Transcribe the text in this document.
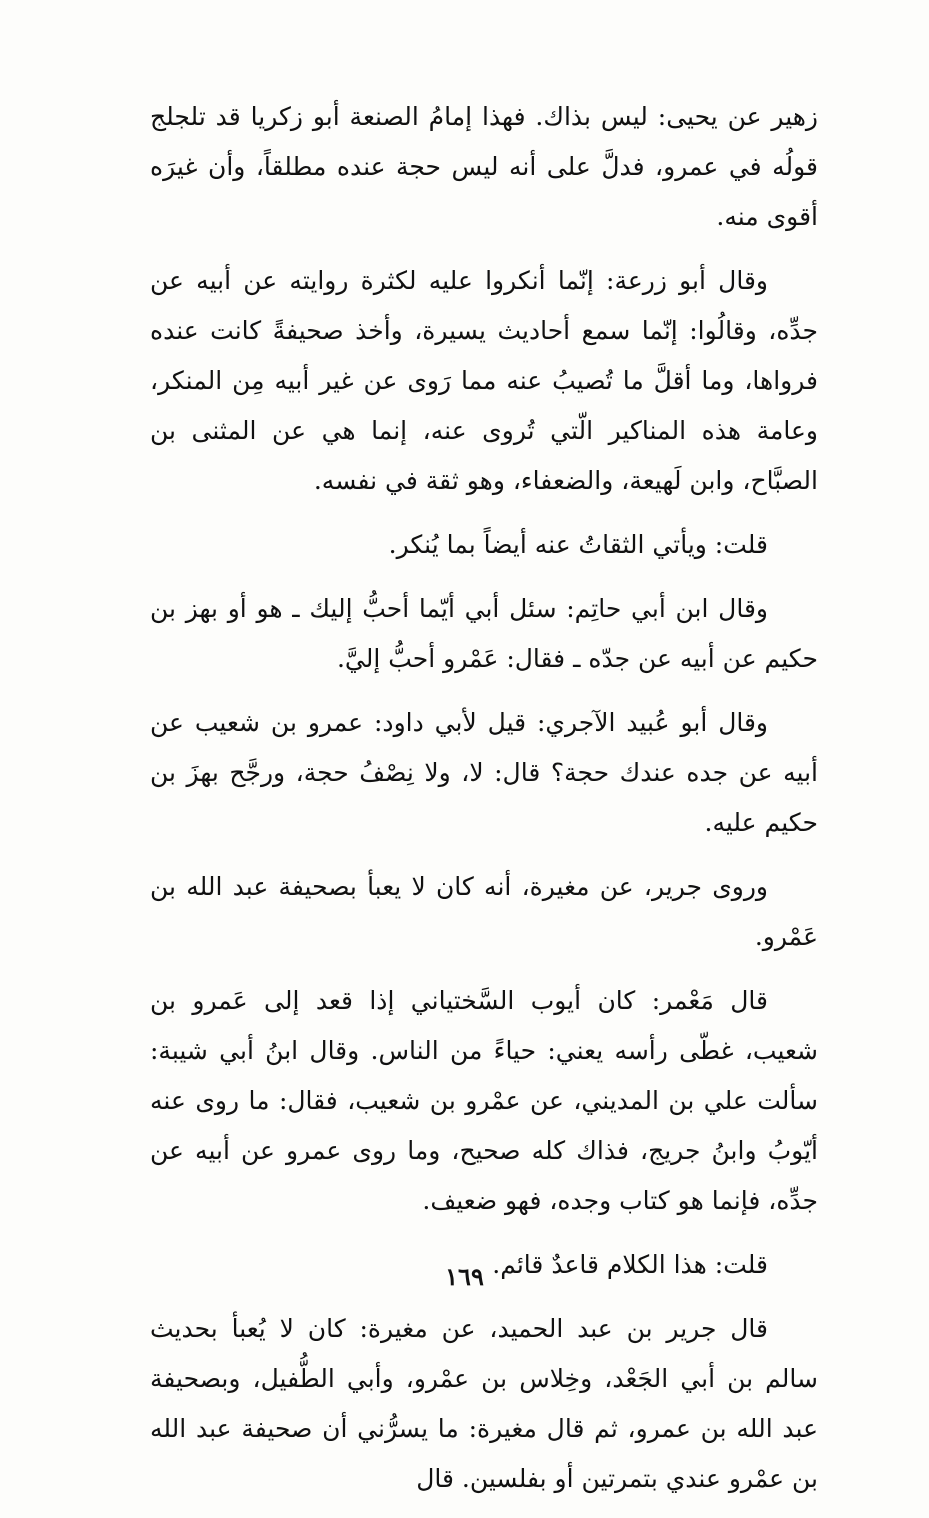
زهير عن يحيى: ليس بذاك. فهذا إمامُ الصنعة أبو زكريا قد تلجلج قولُه في عمرو، فدلَّ على أنه ليس حجة عنده مطلقاً، وأن غيرَه أقوى منه.

وقال أبو زرعة: إنّما أنكروا عليه لكثرة روايته عن أبيه عن جدِّه، وقالُوا: إنّما سمع أحاديث يسيرة، وأخذ صحيفةً كانت عنده فرواها، وما أقلَّ ما تُصيبُ عنه مما رَوى عن غير أبيه مِن المنكر، وعامة هذه المناكير الّتي تُروى عنه، إنما هي عن المثنى بن الصبَّاح، وابن لَهيعة، والضعفاء، وهو ثقة في نفسه.

قلت: ويأتي الثقاتُ عنه أيضاً بما يُنكر.

وقال ابن أبي حاتِم: سئل أبي أيّما أحبُّ إليك ـ هو أو بهز بن حكيم عن أبيه عن جدّه ـ فقال: عَمْرو أحبُّ إليَّ.

وقال أبو عُبيد الآجري: قيل لأبي داود: عمرو بن شعيب عن أبيه عن جده عندك حجة؟ قال: لا، ولا نِصْفُ حجة، ورجَّح بهزَ بن حكيم عليه.

وروى جرير، عن مغيرة، أنه كان لا يعبأ بصحيفة عبد الله بن عَمْرو.

قال مَعْمر: كان أيوب السَّختياني إذا قعد إلى عَمرو بن شعيب، غطّى رأسه يعني: حياءً من الناس. وقال ابنُ أبي شيبة: سألت علي بن المديني، عن عمْرو بن شعيب، فقال: ما روى عنه أيّوبُ وابنُ جريج، فذاك كله صحيح، وما روى عمرو عن أبيه عن جدِّه، فإنما هو كتاب وجده، فهو ضعيف.

قلت: هذا الكلام قاعدٌ قائم.

قال جرير بن عبد الحميد، عن مغيرة: كان لا يُعبأ بحديث سالم بن أبي الجَعْد، وخِلاس بن عمْرو، وأبي الطُّفيل، وبصحيفة عبد الله بن عمرو، ثم قال مغيرة: ما يسرُّني أن صحيفة عبد الله بن عمْرو عندي بتمرتين أو بفلسين. قال

١٦٩
